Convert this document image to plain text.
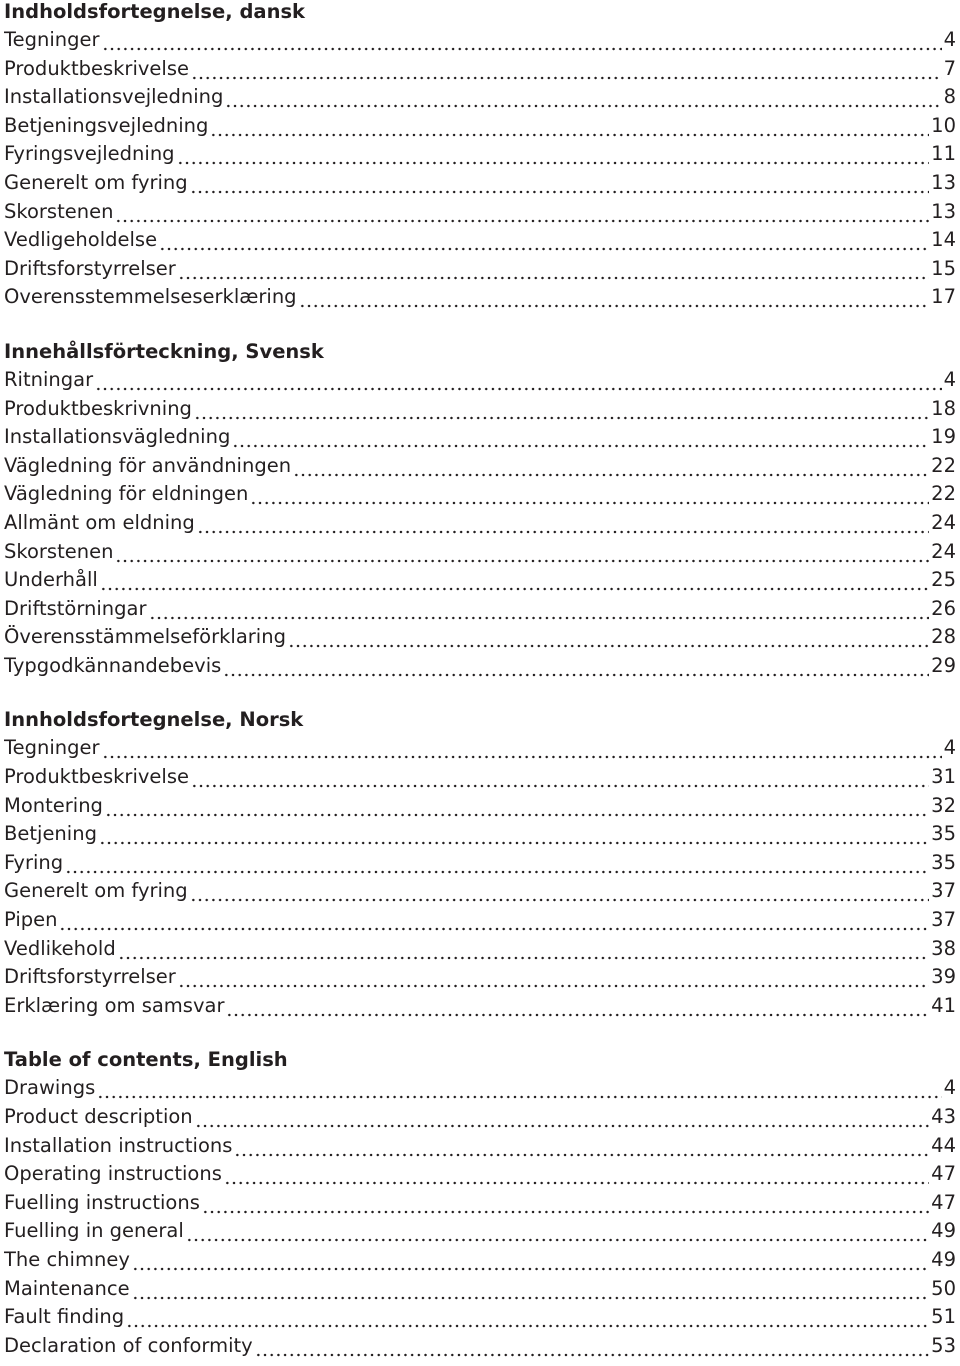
Indholdsfortegnelse, dansk
Tegninger	4
Produktbeskrivelse	7
Installationsvejledning	8
Betjeningsvejledning	10
Fyringsvejledning	11
Generelt om fyring	13
Skorstenen	13
Vedligeholdelse	14
Driftsforstyrrelser	15
Overensstemmelseserklæring	17
Innehållsförteckning, Svensk
Ritningar	4
Produktbeskrivning	18
Installationsvägledning	19
Vägledning för användningen	22
Vägledning för eldningen	22
Allmänt om eldning	24
Skorstenen	24
Underhåll	25
Driftstörningar	26
Överensstämmelseförklaring	28
Typgodkännandebevis	29
Innholdsfortegnelse, Norsk
Tegninger	4
Produktbeskrivelse	31
Montering	32
Betjening	35
Fyring	35
Generelt om fyring	37
Pipen	37
Vedlikehold	38
Driftsforstyrrelser	39
Erklæring om samsvar	41
Table of contents, English
Drawings	4
Product description	43
Installation instructions	44
Operating instructions	47
Fuelling instructions	47
Fuelling in general	49
The chimney	49
Maintenance	50
Fault finding	51
Declaration of conformity	53
